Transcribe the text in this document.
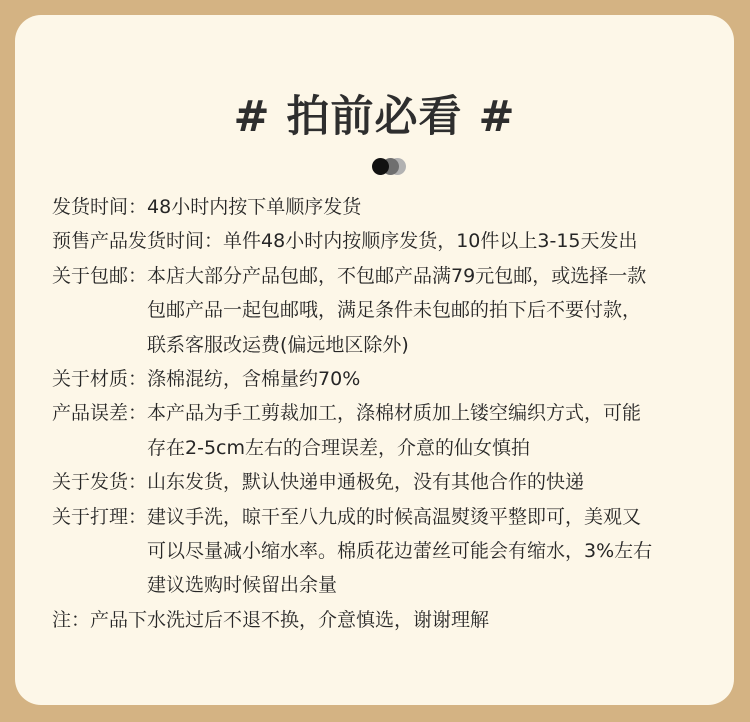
# 拍前必看 #
发货时间： 48小时内按下单顺序发货
预售产品发货时间： 单件48小时内按顺序发货，10件以上3-15天发出
关于包邮： 本店大部分产品包邮，不包邮产品满79元包邮，或选择一款
包邮产品一起包邮哦，满足条件未包邮的拍下后不要付款，
联系客服改运费(偏远地区除外)
关于材质： 涤棉混纺，含棉量约70%
产品误差： 本产品为手工剪裁加工，涤棉材质加上镂空编织方式，可能
存在2-5cm左右的合理误差，介意的仙女慎拍
关于发货： 山东发货，默认快递申通极免，没有其他合作的快递
关于打理： 建议手洗，晾干至八九成的时候高温熨烫平整即可，美观又
可以尽量减小缩水率。棉质花边蕾丝可能会有缩水，3%左右
建议选购时候留出余量
注： 产品下水洗过后不退不换，介意慎选，谢谢理解
